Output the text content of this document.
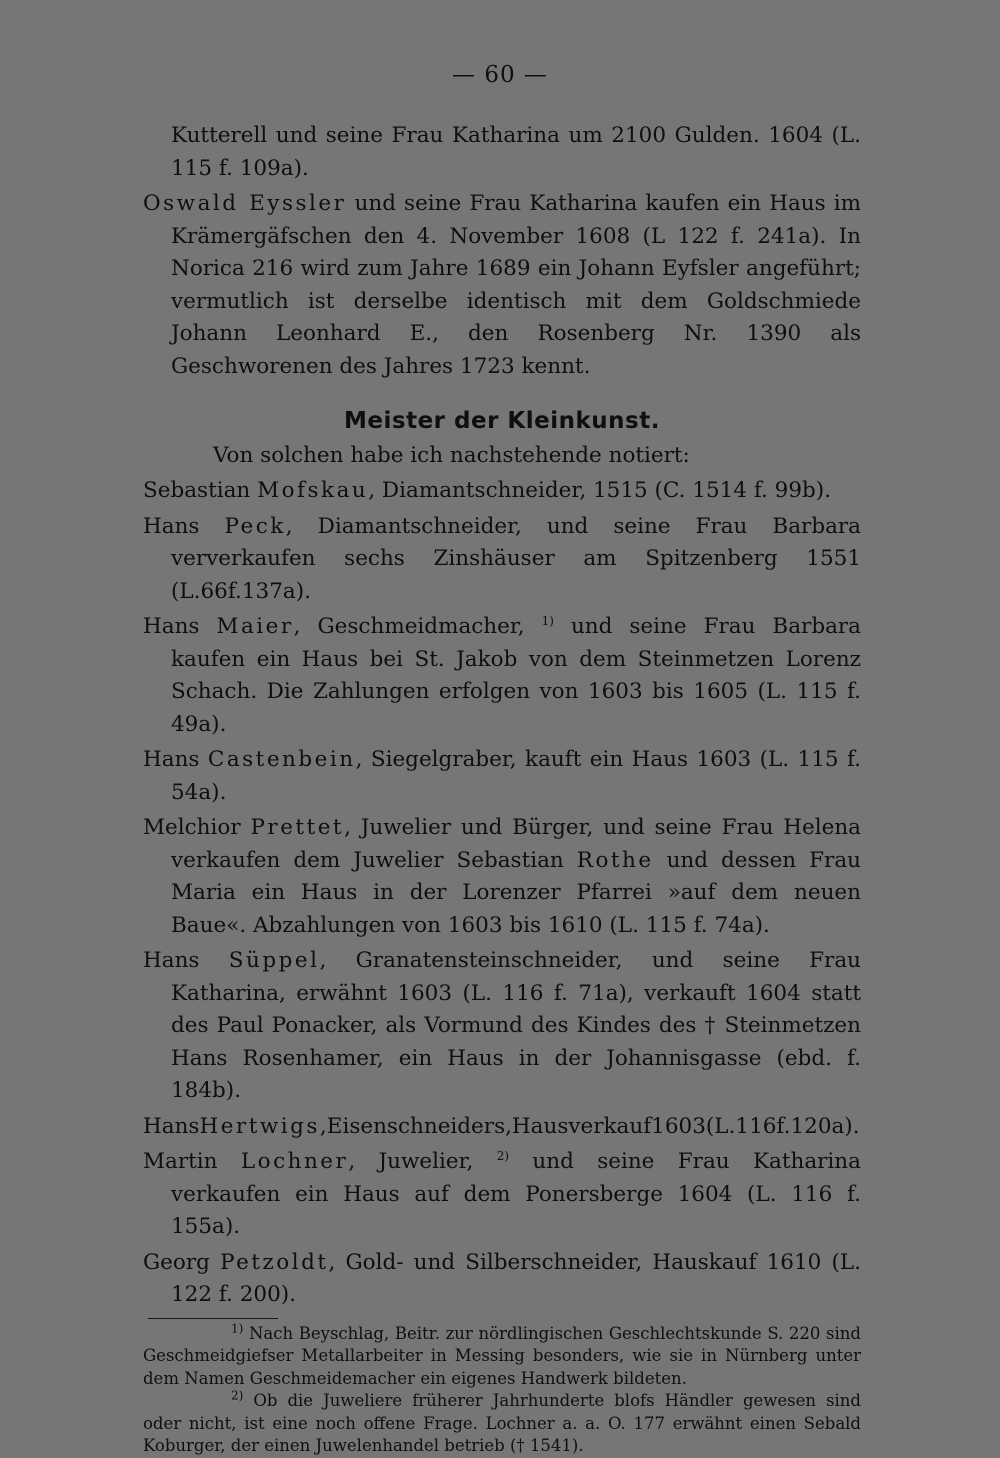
— 60 —

Kutterell und seine Frau Katharina um 2100 Gulden. 1604 (L. 115 f. 109a).

Oswald Eyssler und seine Frau Katharina kaufen ein Haus im Krämergäfschen den 4. November 1608 (L 122 f. 241a). In Norica 216 wird zum Jahre 1689 ein Johann Eyfsler angeführt; vermutlich ist derselbe identisch mit dem Goldschmiede Johann Leonhard E., den Rosenberg Nr. 1390 als Geschworenen des Jahres 1723 kennt.

Meister der Kleinkunst.

Von solchen habe ich nachstehende notiert:

Sebastian Mofskau, Diamantschneider, 1515 (C. 1514 f. 99b).

Hans Peck, Diamantschneider, und seine Frau Barbara ververkaufen sechs Zinshäuser am Spitzenberg 1551 (L.66f.137a).

Hans Maier, Geschmeidmacher, $^{1)}$ und seine Frau Barbara kaufen ein Haus bei St. Jakob von dem Steinmetzen Lorenz Schach. Die Zahlungen erfolgen von 1603 bis 1605 (L. 115 f. 49a).

Hans Castenbein, Siegelgraber, kauft ein Haus 1603 (L. 115 f. 54a).

Melchior Prettet, Juwelier und Bürger, und seine Frau Helena verkaufen dem Juwelier Sebastian Rothe und dessen Frau Maria ein Haus in der Lorenzer Pfarrei »auf dem neuen Baue«. Abzahlungen von 1603 bis 1610 (L. 115 f. 74a).

Hans Süppel, Granatensteinschneider, und seine Frau Katharina, erwähnt 1603 (L. 116 f. 71a), verkauft 1604 statt des Paul Ponacker, als Vormund des Kindes des † Steinmetzen Hans Rosenhamer, ein Haus in der Johannisgasse (ebd. f. 184b).

HansHertwigs,Eisenschneiders,Hausverkauf1603(L.116f.120a).

Martin Lochner, Juwelier, $^{2)}$ und seine Frau Katharina verkaufen ein Haus auf dem Ponersberge 1604 (L. 116 f. 155a).

Georg Petzoldt, Gold- und Silberschneider, Hauskauf 1610 (L. 122 f. 200).

$^{1)}$ Nach Beyschlag, Beitr. zur nördlingischen Geschlechtskunde S. 220 sind Geschmeidgiefser Metallarbeiter in Messing besonders, wie sie in Nürnberg unter dem Namen Geschmeidemacher ein eigenes Handwerk bildeten.

$^{2)}$ Ob die Juweliere früherer Jahrhunderte blofs Händler gewesen sind oder nicht, ist eine noch offene Frage. Lochner a. a. O. 177 erwähnt einen Sebald Koburger, der einen Juwelenhandel betrieb († 1541).
